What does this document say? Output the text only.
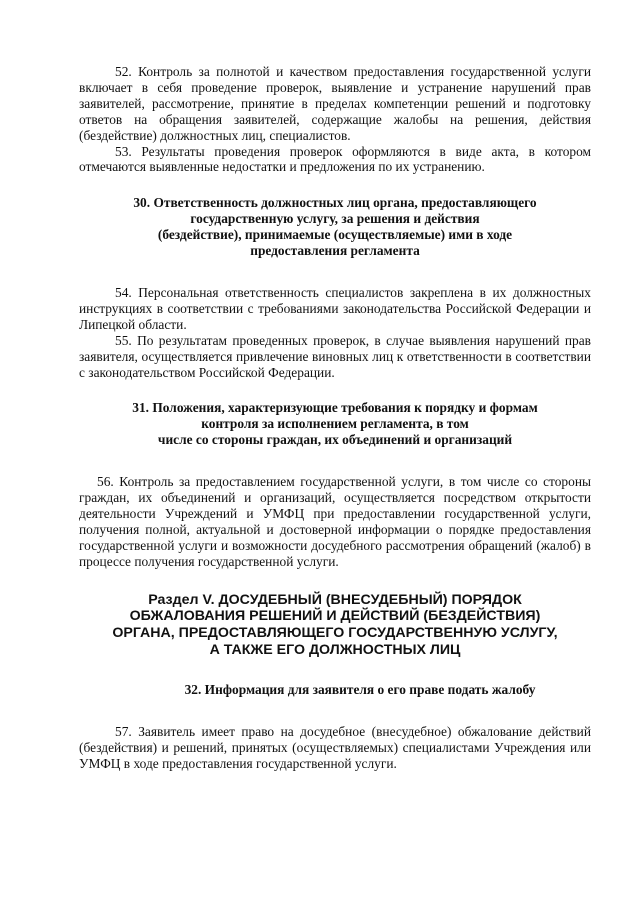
52. Контроль за полнотой и качеством предоставления государственной услуги включает в себя проведение проверок, выявление и устранение нарушений прав заявителей, рассмотрение, принятие в пределах компетенции решений и подготовку ответов на обращения заявителей, содержащие жалобы на решения, действия (бездействие) должностных лиц, специалистов.

53. Результаты проведения проверок оформляются в виде акта, в котором отмечаются выявленные недостатки и предложения по их устранению.

30. Ответственность должностных лиц органа, предоставляющего
государственную услугу, за решения и действия
(бездействие), принимаемые (осуществляемые) ими в ходе
предоставления регламента

54. Персональная ответственность специалистов закреплена в их должностных инструкциях в соответствии с требованиями законодательства Российской Федерации и Липецкой области.

55. По результатам проведенных проверок, в случае выявления нарушений прав заявителя, осуществляется привлечение виновных лиц к ответственности в соответствии с законодательством Российской Федерации.

31. Положения, характеризующие требования к порядку и формам
контроля за исполнением регламента, в том
числе со стороны граждан, их объединений и организаций

56. Контроль за предоставлением государственной услуги, в том числе со стороны граждан, их объединений и организаций, осуществляется посредством открытости деятельности Учреждений и УМФЦ при предоставлении государственной услуги, получения полной, актуальной и достоверной информации о порядке предоставления государственной услуги и возможности досудебного рассмотрения обращений (жалоб) в процессе получения государственной услуги.

Раздел V. ДОСУДЕБНЫЙ (ВНЕСУДЕБНЫЙ) ПОРЯДОК
ОБЖАЛОВАНИЯ РЕШЕНИЙ И ДЕЙСТВИЙ (БЕЗДЕЙСТВИЯ)
ОРГАНА, ПРЕДОСТАВЛЯЮЩЕГО ГОСУДАРСТВЕННУЮ УСЛУГУ,
А ТАКЖЕ ЕГО ДОЛЖНОСТНЫХ ЛИЦ
32. Информация для заявителя о его праве подать жалобу

57. Заявитель имеет право на досудебное (внесудебное) обжалование действий (бездействия) и решений, принятых (осуществляемых) специалистами Учреждения или УМФЦ в ходе предоставления государственной услуги.
